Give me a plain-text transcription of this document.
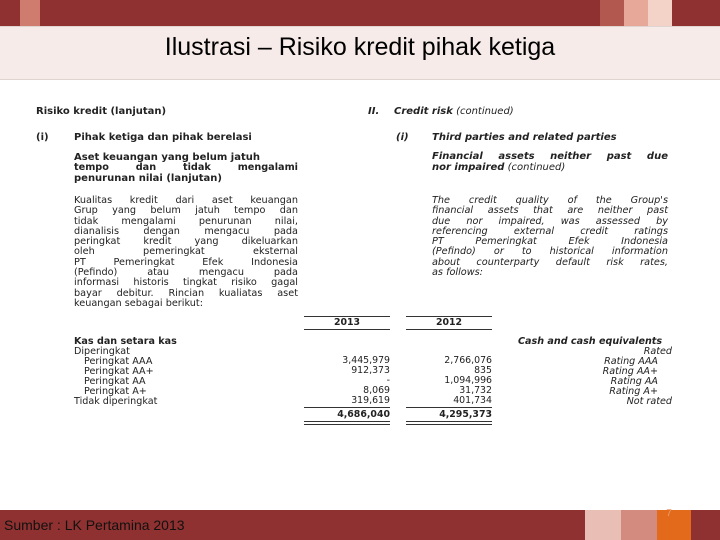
Ilustrasi – Risiko kredit pihak ketiga
Risiko kredit (lanjutan)
(i)	Pihak ketiga dan pihak berelasi
Aset keuangan yang belum jatuh
tempo dan tidak mengalami
penurunan nilai (lanjutan)
Kualitas kredit dari aset keuangan
Grup yang belum jatuh tempo dan
tidak mengalami penurunan nilai,
dianalisis dengan mengacu pada
peringkat kredit yang dikeluarkan
oleh pemeringkat eksternal
PT Pemeringkat Efek Indonesia
(Pefindo) atau mengacu pada
informasi historis tingkat risiko gagal
bayar debitur. Rincian kualiatas aset
keuangan sebagai berikut:
II. Credit risk (continued)
(i) Third parties and related parties
Financial assets neither past due
nor impaired (continued)
The credit quality of the Group's
financial assets that are neither past
due nor impaired, was assessed by
referencing external credit ratings
PT Pemeringkat Efek Indonesia
(Pefindo) or to historical information
about counterparty default risk rates,
as follows:
2013	2012
Kas dan setara kas	Cash and cash equivalents
Diperingkat	Rated
Peringkat AAA	3,445,979	2,766,076	Rating AAA
Peringkat AA+	912,373	835	Rating AA+
Peringkat AA	-	1,094,996	Rating AA
Peringkat A+	8,069	31,732	Rating A+
Tidak diperingkat	319,619	401,734	Not rated
4,686,040	4,295,373
Sumber : LK Pertamina 2013
7
